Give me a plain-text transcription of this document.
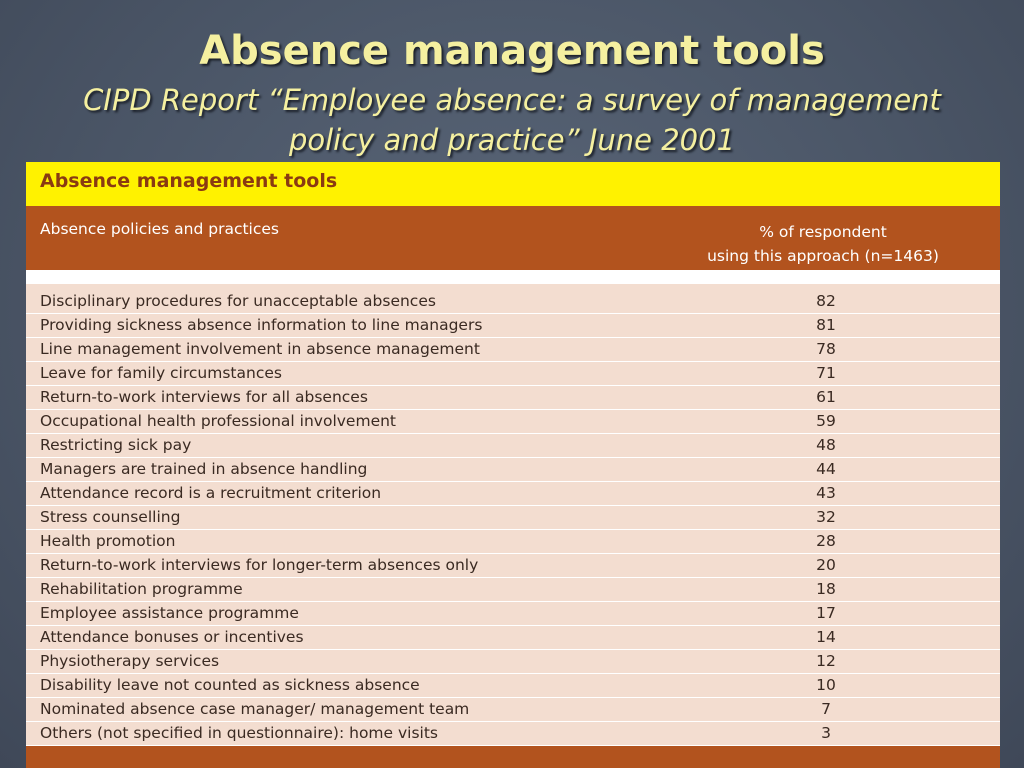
Absence management tools
CIPD Report “Employee absence: a survey of management
policy and practice” June 2001
Absence management tools
Absence policies and practices	% of respondent
using this approach (n=1463)
Disciplinary procedures for unacceptable absences	82
Providing sickness absence information to line managers	81
Line management involvement in absence management	78
Leave for family circumstances	71
Return-to-work interviews for all absences	61
Occupational health professional involvement	59
Restricting sick pay	48
Managers are trained in absence handling	44
Attendance record is a recruitment criterion	43
Stress counselling	32
Health promotion	28
Return-to-work interviews for longer-term absences only	20
Rehabilitation programme	18
Employee assistance programme	17
Attendance bonuses or incentives	14
Physiotherapy services	12
Disability leave not counted as sickness absence	10
Nominated absence case manager/ management team	7
Others (not specified in questionnaire): home visits	3
